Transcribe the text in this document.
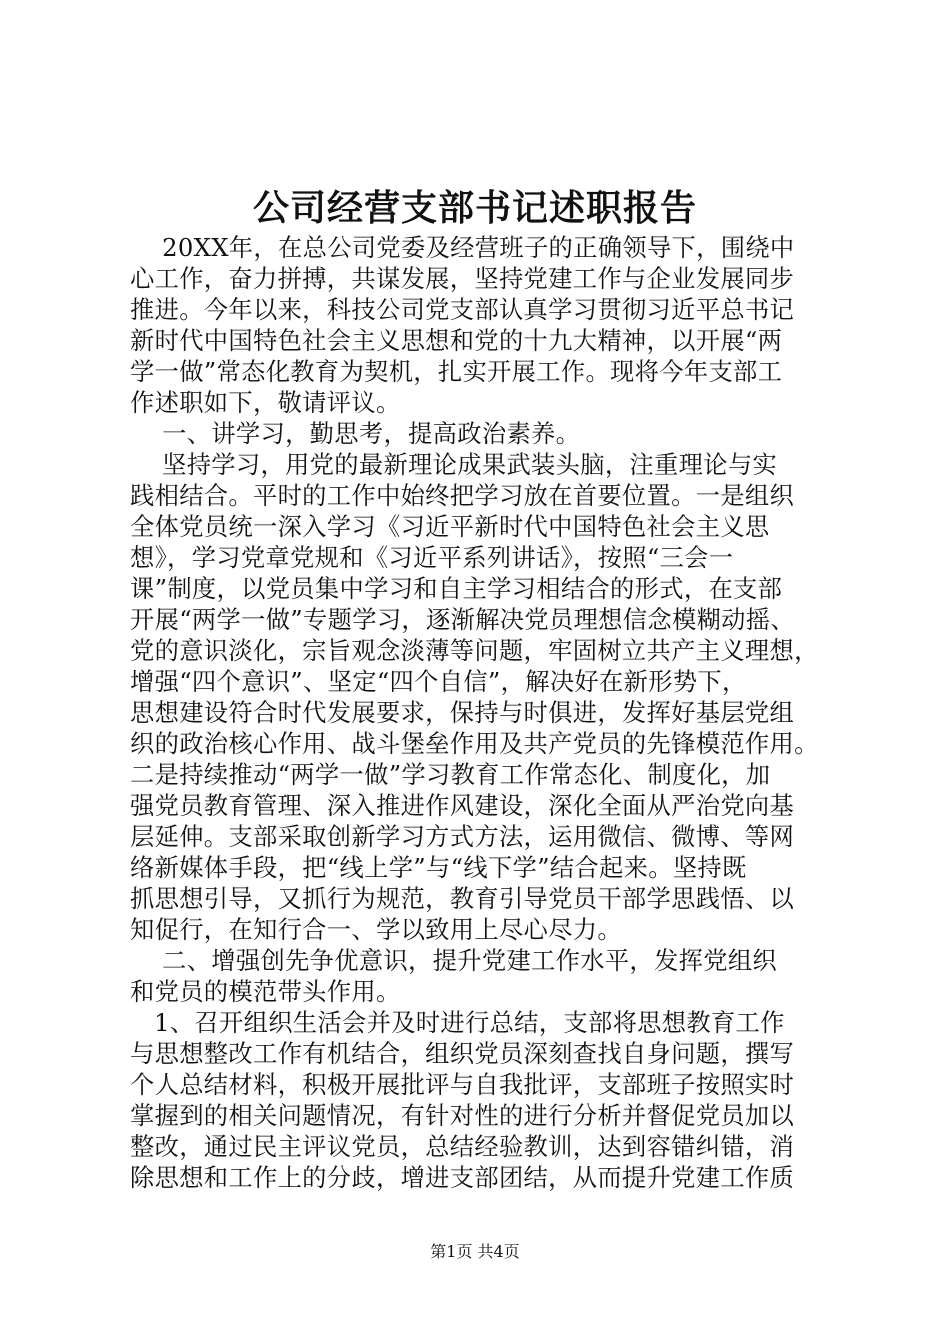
公司经营支部书记述职报告

20XX年，在总公司党委及经营班子的正确领导下，围绕中
心工作，奋力拼搏，共谋发展，坚持党建工作与企业发展同步
推进。今年以来，科技公司党支部认真学习贯彻习近平总书记
新时代中国特色社会主义思想和党的十九大精神，以开展“两
学一做”常态化教育为契机，扎实开展工作。现将今年支部工
作述职如下，敬请评议。

一、讲学习，勤思考，提高政治素养。

坚持学习，用党的最新理论成果武装头脑，注重理论与实
践相结合。平时的工作中始终把学习放在首要位置。一是组织
全体党员统一深入学习《习近平新时代中国特色社会主义思
想》，学习党章党规和《习近平系列讲话》，按照“三会一
课”制度，以党员集中学习和自主学习相结合的形式，在支部
开展“两学一做”专题学习，逐渐解决党员理想信念模糊动摇、
党的意识淡化，宗旨观念淡薄等问题，牢固树立共产主义理想，
增强“四个意识”、坚定“四个自信”，解决好在新形势下，
思想建设符合时代发展要求，保持与时俱进，发挥好基层党组
织的政治核心作用、战斗堡垒作用及共产党员的先锋模范作用。
二是持续推动“两学一做”学习教育工作常态化、制度化，加
强党员教育管理、深入推进作风建设，深化全面从严治党向基
层延伸。支部采取创新学习方式方法，运用微信、微博、等网
络新媒体手段，把“线上学”与“线下学”结合起来。坚持既
抓思想引导，又抓行为规范，教育引导党员干部学思践悟、以
知促行，在知行合一、学以致用上尽心尽力。

二、增强创先争优意识，提升党建工作水平，发挥党组织
和党员的模范带头作用。

1、召开组织生活会并及时进行总结，支部将思想教育工作
与思想整改工作有机结合，组织党员深刻查找自身问题，撰写
个人总结材料，积极开展批评与自我批评，支部班子按照实时
掌握到的相关问题情况，有针对性的进行分析并督促党员加以
整改，通过民主评议党员，总结经验教训，达到容错纠错，消
除思想和工作上的分歧，增进支部团结，从而提升党建工作质

第1页 共4页
